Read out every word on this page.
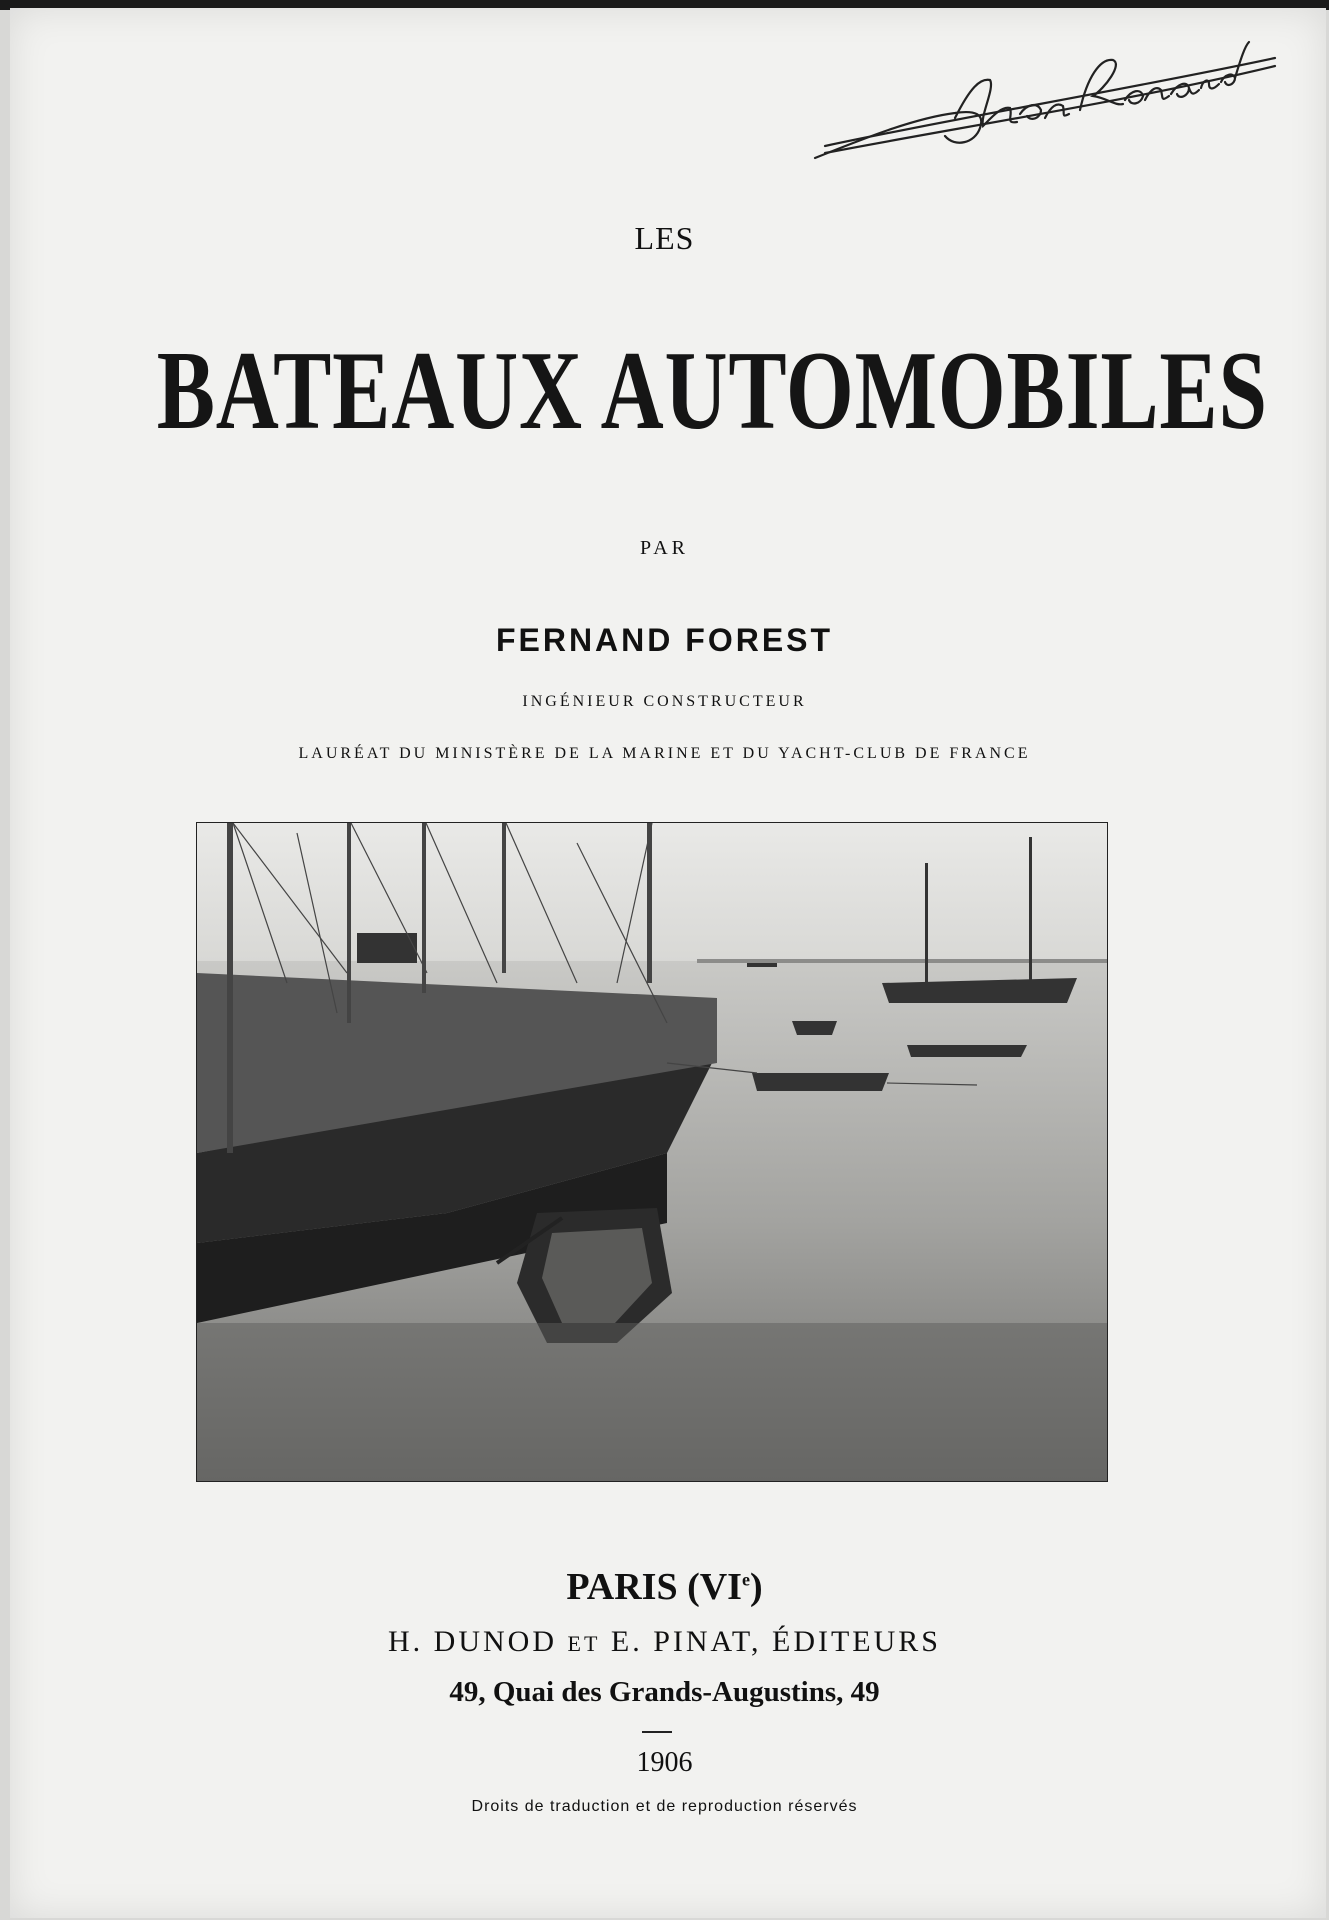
Léon Renaud
LES
BATEAUX AUTOMOBILES
PAR
FERNAND FOREST
INGÉNIEUR CONSTRUCTEUR
LAURÉAT DU MINISTÈRE DE LA MARINE ET DU YACHT-CLUB DE FRANCE
PARIS (VIe)
H. DUNOD ET E. PINAT, ÉDITEURS
49, Quai des Grands-Augustins, 49
1906
Droits de traduction et de reproduction réservés
